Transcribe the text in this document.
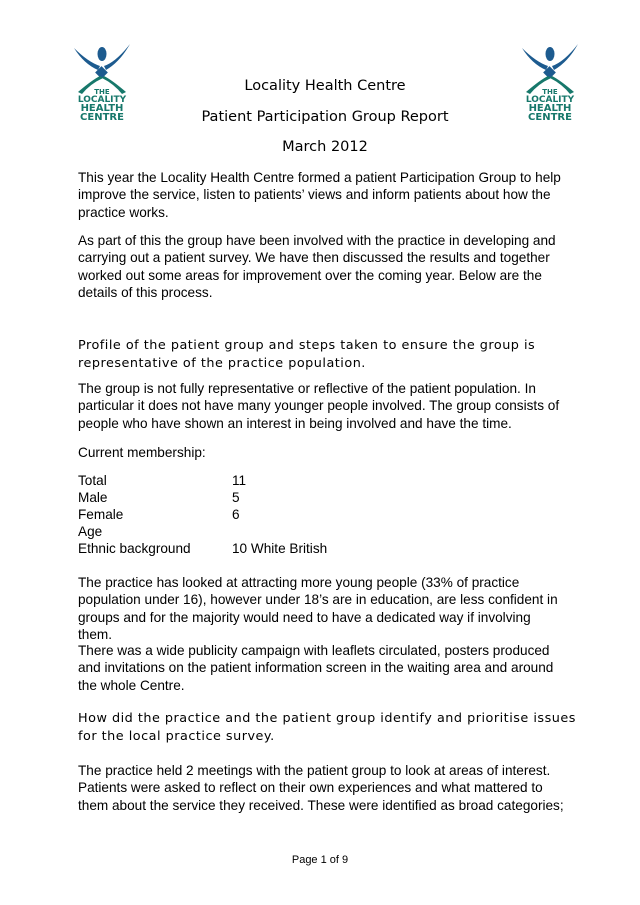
THE
LOCALITY
HEALTH
CENTRE
THE
LOCALITY
HEALTH
CENTRE
Locality Health Centre
Patient Participation Group Report
March 2012

This year the Locality Health Centre formed a patient Participation Group to help improve the service, listen to patients’ views and inform patients about how the practice works.

As part of this the group have been involved with the practice in developing and carrying out a patient survey. We have then discussed the results and together worked out some areas for improvement over the coming year. Below are the details of this process.

Profile of the patient group and steps taken to ensure the group is representative of the practice population.

The group is not fully representative or reflective of the patient population. In particular it does not have many younger people involved. The group consists of people who have shown an interest in being involved and have the time.

Current membership:

Total	11
Male	5
Female	6
Age
Ethnic background	10 White British

The practice has looked at attracting more young people (33% of practice population under 16), however under 18’s are in education, are less confident in groups and for the majority would need to have a dedicated way if involving them.

There was a wide publicity campaign with leaflets circulated, posters produced and invitations on the patient information screen in the waiting area and around the whole Centre.

How did the practice and the patient group identify and prioritise issues for the local practice survey.

The practice held 2 meetings with the patient group to look at areas of interest. Patients were asked to reflect on their own experiences and what mattered to them about the service they received. These were identified as broad categories;

Page 1 of 9
